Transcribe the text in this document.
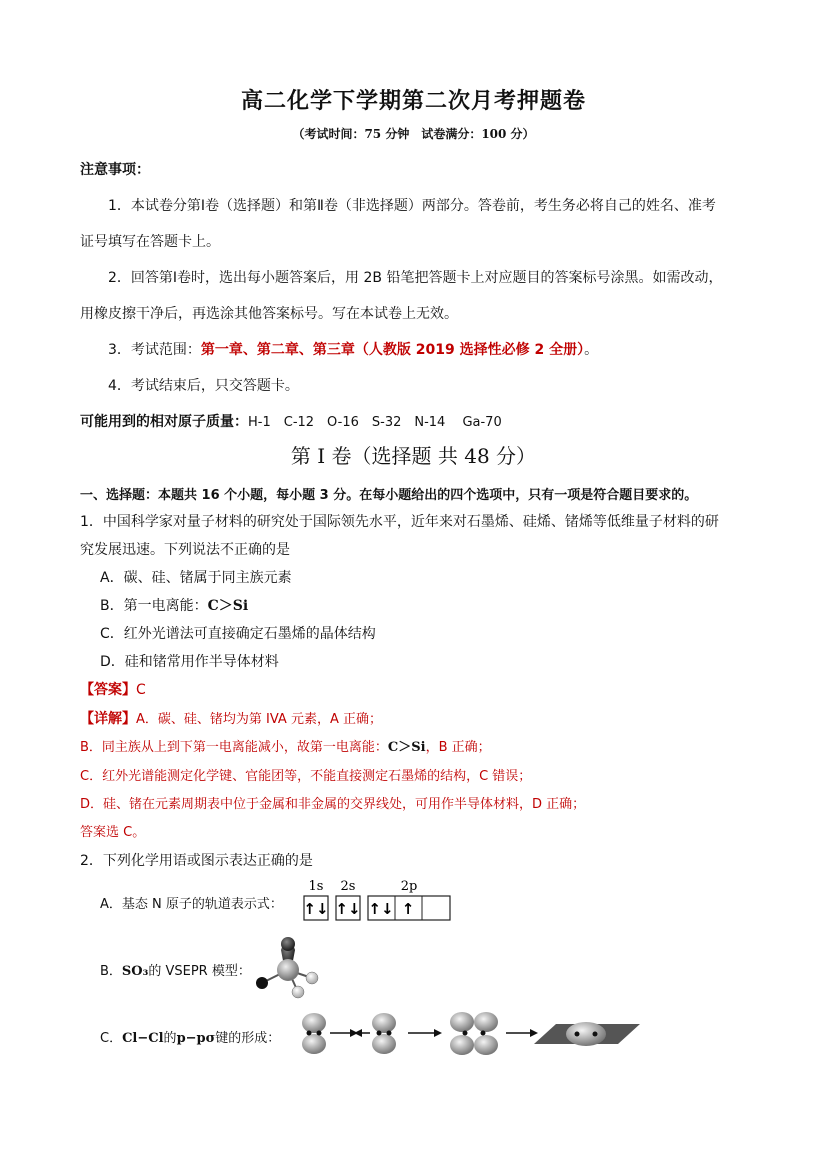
高二化学下学期第二次月考押题卷
（考试时间：75 分钟　试卷满分：100 分）
注意事项：
1．本试卷分第Ⅰ卷（选择题）和第Ⅱ卷（非选择题）两部分。答卷前，考生务必将自己的姓名、准考
证号填写在答题卡上。
2．回答第Ⅰ卷时，选出每小题答案后，用 2B 铅笔把答题卡上对应题目的答案标号涂黑。如需改动，
用橡皮擦干净后，再选涂其他答案标号。写在本试卷上无效。
3．考试范围：第一章、第二章、第三章（人教版 2019 选择性必修 2 全册）。
4．考试结束后，只交答题卡。
可能用到的相对原子质量：H-1　C-12　O-16　S-32　N-14　 Ga-70
第 I 卷（选择题 共 48 分）
一、选择题：本题共 16 个小题，每小题 3 分。在每小题给出的四个选项中，只有一项是符合题目要求的。
1．中国科学家对量子材料的研究处于国际领先水平，近年来对石墨烯、硅烯、锗烯等低维量子材料的研
究发展迅速。下列说法不正确的是
A．碳、硅、锗属于同主族元素
B．第一电离能：C＞Si
C．红外光谱法可直接确定石墨烯的晶体结构
D．硅和锗常用作半导体材料
【答案】C
【详解】A．碳、硅、锗均为第 IVA 元素，A 正确；
B．同主族从上到下第一电离能减小，故第一电离能：C＞Si，B 正确；
C．红外光谱能测定化学键、官能团等，不能直接测定石墨烯的结构，C 错误；
D．硅、锗在元素周期表中位于金属和非金属的交界线处，可用作半导体材料，D 正确；
答案选 C。
2．下列化学用语或图示表达正确的是
A．基态 N 原子的轨道表示式：
1s 2s	2p
↑↓ ↑↓ ↑↓ ↑
B．SO₃的 VSEPR 模型：
C．Cl−Cl的p−pσ键的形成：
